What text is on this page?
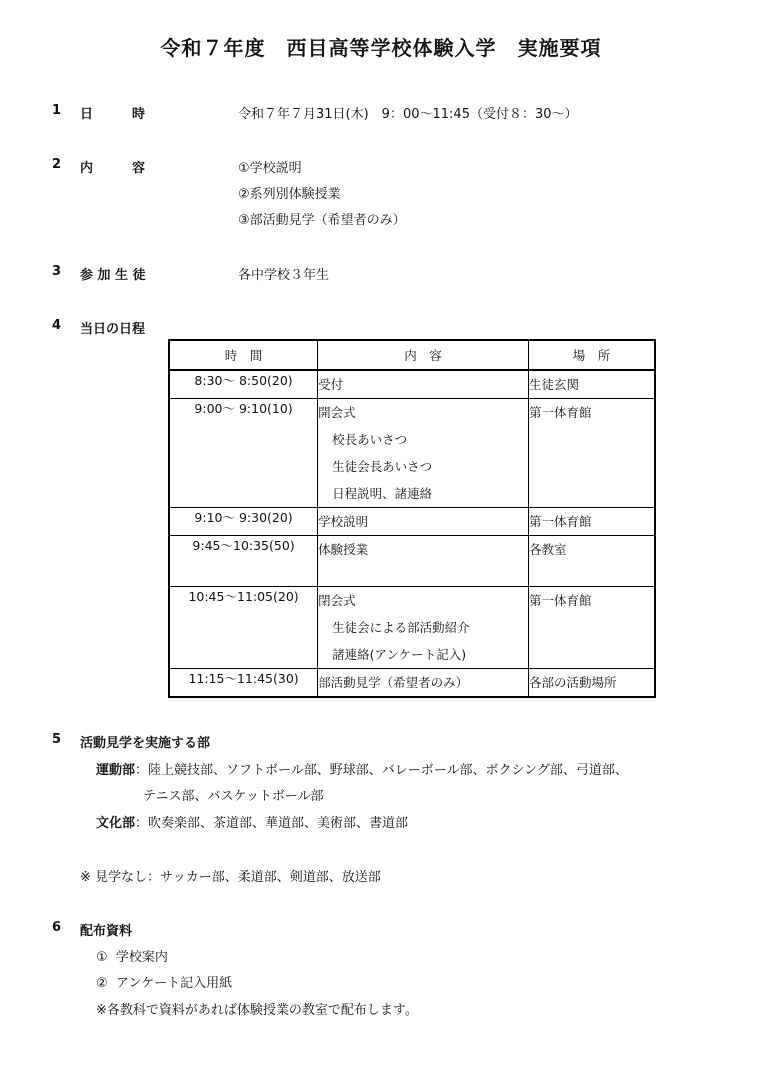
令和７年度　西目高等学校体験入学　実施要項
1 日　　　時	令和７年７月31日(木)　9：00～11:45（受付８：30～）
2 内　　　容	①学校説明
②系列別体験授業
③部活動見学（希望者のみ）
3 参 加 生 徒	各中学校３年生
4 当日の日程
時　間	内　容	場　所
8:30～ 8:50(20)	受付	生徒玄関

9:00～ 9:10(10)	開会式
校長あいさつ
生徒会長あいさつ
日程説明、諸連絡	第一体育館

9:10～ 9:30(20)	学校説明	第一体育館

9:45～10:35(50)	体験授業	各教室

10:45～11:05(20)	閉会式
生徒会による部活動紹介
諸連絡(アンケート記入)	第一体育館

11:15～11:45(30)	部活動見学（希望者のみ）	各部の活動場所
5 活動見学を実施する部
運動部：陸上競技部、ソフトボール部、野球部、バレーボール部、ボクシング部、弓道部、
テニス部、バスケットボール部
文化部：吹奏楽部、茶道部、華道部、美術部、書道部
※ 見学なし：サッカー部、柔道部、剣道部、放送部
6 配布資料
①  学校案内
②  アンケート記入用紙
※各教科で資料があれば体験授業の教室で配布します。
